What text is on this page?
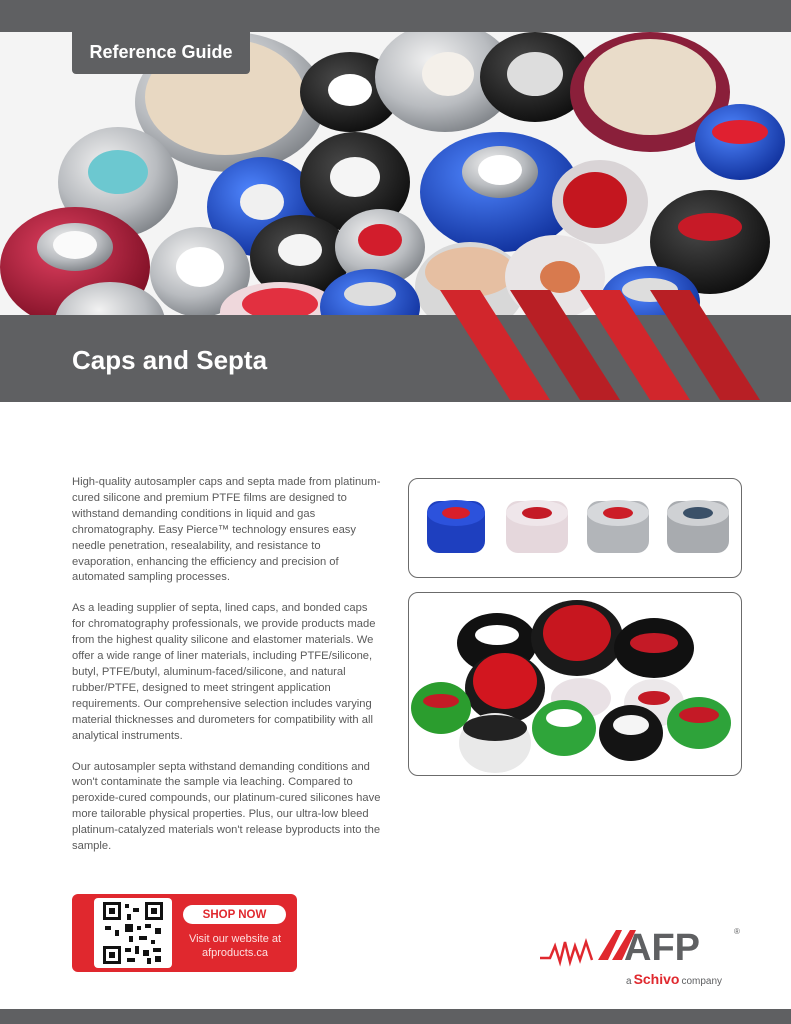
Reference Guide
Caps and Septa

High-quality autosampler caps and septa made from platinum-cured silicone and premium PTFE films are designed to withstand demanding conditions in liquid and gas chromatography. Easy Pierce™ technology ensures easy needle penetration, resealability, and resistance to evaporation, enhancing the efficiency and precision of automated sampling processes.

As a leading supplier of septa, lined caps, and bonded caps for chromatography professionals, we provide products made from the highest quality silicone and elastomer materials. We offer a wide range of liner materials, including PTFE/silicone, butyl, PTFE/butyl, aluminum-faced/silicone, and natural rubber/PTFE, designed to meet stringent application requirements. Our comprehensive selection includes varying material thicknesses and durometers for compatibility with all analytical instruments.

Our autosampler septa withstand demanding conditions and won't contaminate the sample via leaching. Compared to peroxide-cured compounds, our platinum-cured silicones have more tailorable physical properties. Plus, our ultra-low bleed platinum-catalyzed materials won't release byproducts into the sample.

SHOP NOW
Visit our website at afproducts.ca	AFP	®
a Schivo company
